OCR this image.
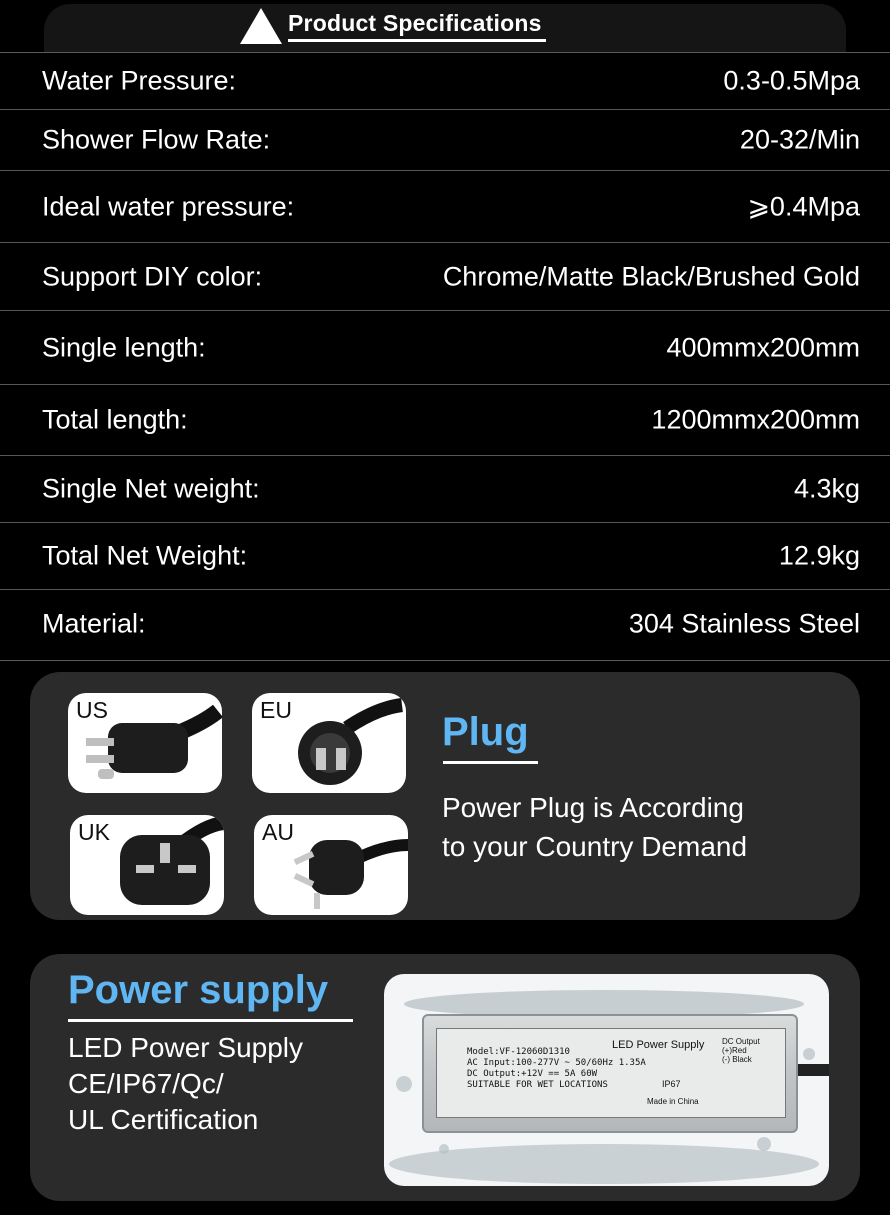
Product Specifications
Water Pressure:	0.3-0.5Mpa
Shower Flow Rate:	20-32/Min
Ideal water pressure:	⩾0.4Mpa
Support DIY color:	Chrome/Matte Black/Brushed Gold
Single length:	400mmx200mm
Total length:	1200mmx200mm
Single Net weight:	4.3kg
Total Net Weight:	12.9kg
Material:	304 Stainless Steel
US	EU
UK	AU
Plug
Power Plug is According
to your Country Demand
Power supply
LED Power Supply
CE/IP67/Qc/
UL Certification
Model:VF-12060D1310
AC Input:100-277V ~ 50/60Hz 1.35A
DC Output:+12V == 5A 60W
SUITABLE FOR WET LOCATIONS
LED Power Supply DC Output
(+)Red
(-) Black
IP67
Made in China
